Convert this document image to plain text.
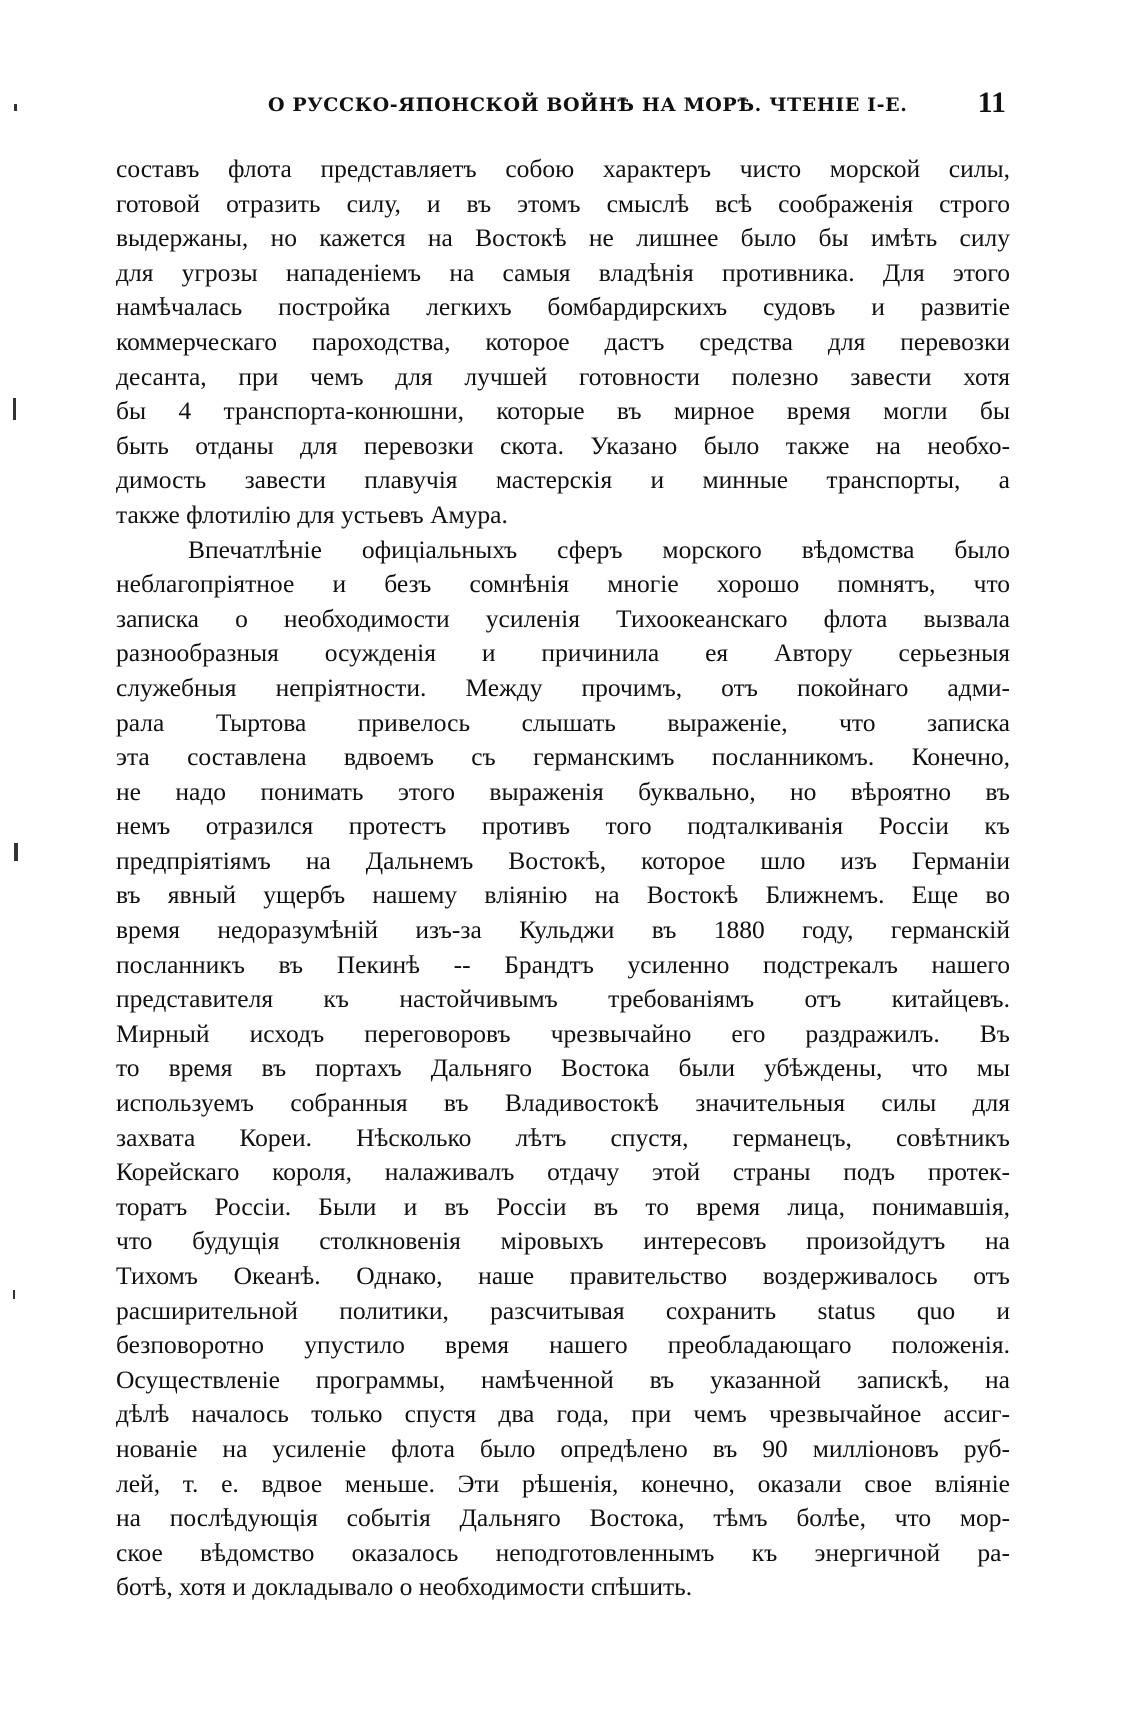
О РУССКО-ЯПОНСКОЙ ВОЙНѢ НА МОРѢ. ЧТЕНІЕ І-Е. 11
составъ флота представляетъ собою характеръ чисто морской силы,
готовой отразить силу, и въ этомъ смыслѣ всѣ соображенія строго
выдержаны, но кажется на Востокѣ не лишнее было бы имѣть силу
для угрозы нападеніемъ на самыя владѣнія противника. Для этого
намѣчалась постройка легкихъ бомбардирскихъ судовъ и развитіе
коммерческаго пароходства, которое дастъ средства для перевозки
десанта, при чемъ для лучшей готовности полезно завести хотя
бы 4 транспорта-конюшни, которые въ мирное время могли бы
быть отданы для перевозки скота. Указано было также на необхо-
димость завести плавучія мастерскія и минные транспорты, а
также флотилію для устьевъ Амура.
Впечатлѣніе офиціальныхъ сферъ морского вѣдомства было
неблагопріятное и безъ сомнѣнія многіе хорошо помнятъ, что
записка о необходимости усиленія Тихоокеанскаго флота вызвала
разнообразныя осужденія и причинила ея Автору серьезныя
служебныя непріятности. Между прочимъ, отъ покойнаго адми-
рала Тыртова привелось слышать выраженіе, что записка
эта составлена вдвоемъ съ германскимъ посланникомъ. Конечно,
не надо понимать этого выраженія буквально, но вѣроятно въ
немъ отразился протестъ противъ того подталкиванія Россіи къ
предпріятіямъ на Дальнемъ Востокѣ, которое шло изъ Германіи
въ явный ущербъ нашему вліянію на Востокѣ Ближнемъ. Еще во
время недоразумѣній изъ-за Кульджи въ 1880 году, германскій
посланникъ въ Пекинѣ -- Брандтъ усиленно подстрекалъ нашего
представителя къ настойчивымъ требованіямъ отъ китайцевъ.
Мирный исходъ переговоровъ чрезвычайно его раздражилъ. Въ
то время въ портахъ Дальняго Востока были убѣждены, что мы
используемъ собранныя въ Владивостокѣ значительныя силы для
захвата Кореи. Нѣсколько лѣтъ спустя, германецъ, совѣтникъ
Корейскаго короля, налаживалъ отдачу этой страны подъ протек-
торатъ Россіи. Были и въ Россіи въ то время лица, понимавшія,
что будущія столкновенія міровыхъ интересовъ произойдутъ на
Тихомъ Океанѣ. Однако, наше правительство воздерживалось отъ
расширительной политики, разсчитывая сохранить status quo и
безповоротно упустило время нашего преобладающаго положенія.
Осуществленіе программы, намѣченной въ указанной запискѣ, на
дѣлѣ началось только спустя два года, при чемъ чрезвычайное ассиг-
нованіе на усиленіе флота было опредѣлено въ 90 милліоновъ руб-
лей, т. е. вдвое меньше. Эти рѣшенія, конечно, оказали свое вліяніе
на послѣдующія событія Дальняго Востока, тѣмъ болѣе, что мор-
ское вѣдомство оказалось неподготовленнымъ къ энергичной ра-
ботѣ, хотя и докладывало о необходимости спѣшить.
